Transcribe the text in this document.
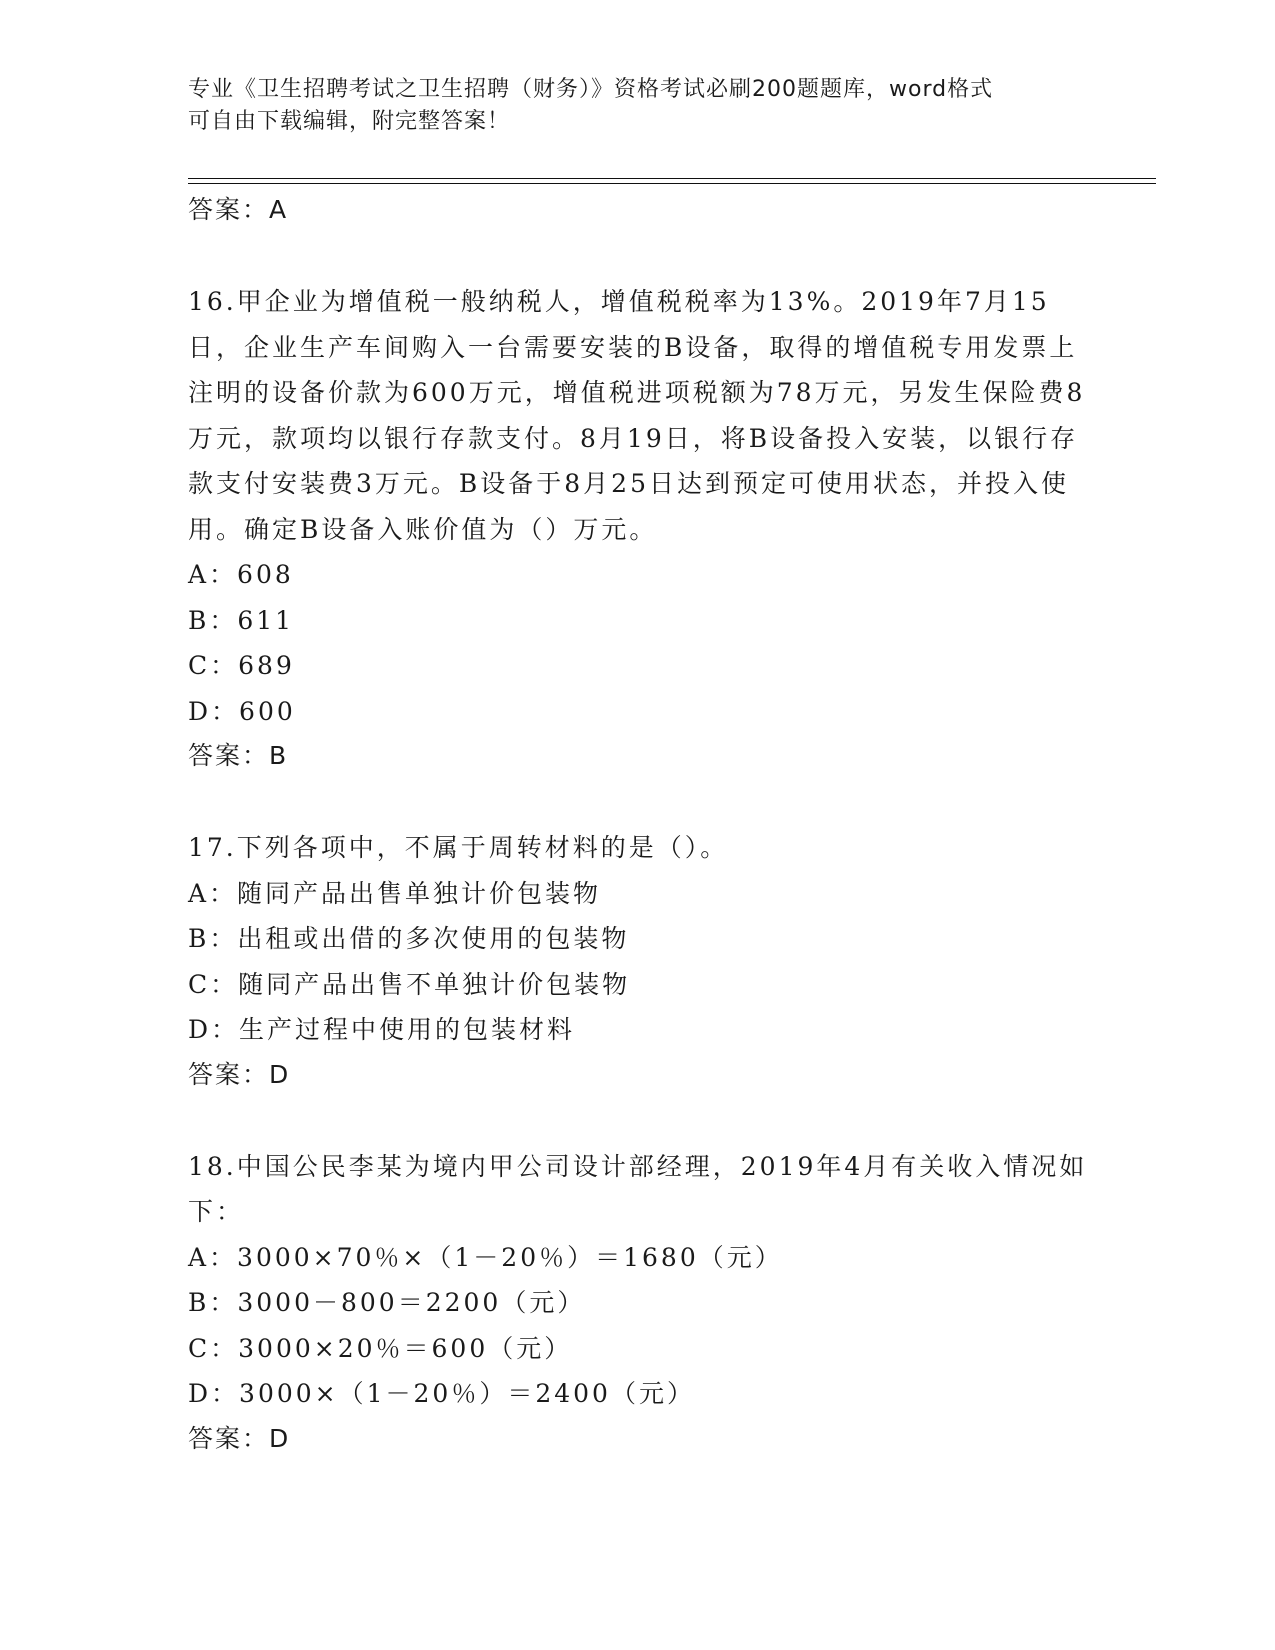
专业《卫生招聘考试之卫生招聘（财务）》资格考试必刷200题题库，word格式
可自由下载编辑，附完整答案！
答案：A

16.甲企业为增值税一般纳税人，增值税税率为13%。2019年7月15日，企业生产车间购入一台需要安装的B设备，取得的增值税专用发票上注明的设备价款为600万元，增值税进项税额为78万元，另发生保险费8万元，款项均以银行存款支付。8月19日，将B设备投入安装，以银行存款支付安装费3万元。B设备于8月25日达到预定可使用状态，并投入使用。确定B设备入账价值为（）万元。

A：608
B：611
C：689
D：600
答案：B

17.下列各项中，不属于周转材料的是（）。

A：随同产品出售单独计价包装物
B：出租或出借的多次使用的包装物
C：随同产品出售不单独计价包装物
D：生产过程中使用的包装材料
答案：D

18.中国公民李某为境内甲公司设计部经理，2019年4月有关收入情况如下：

A：3000×70％×（1－20％）＝1680（元）
B：3000－800＝2200（元）
C：3000×20％＝600（元）
D：3000×（1－20％）＝2400（元）
答案：D
